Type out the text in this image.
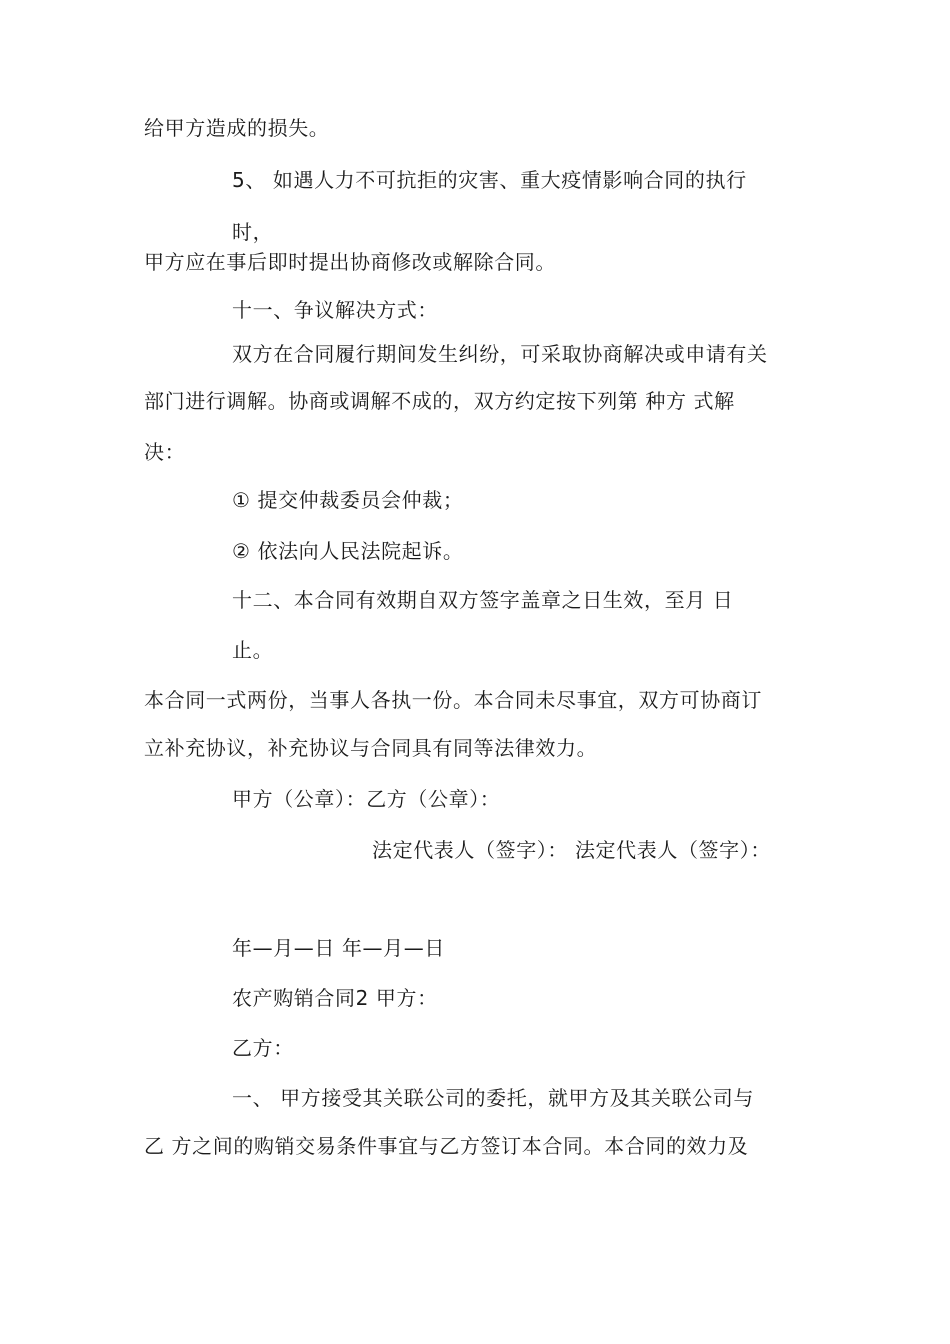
给甲方造成的损失。
5、 如遇人力不可抗拒的灾害、重大疫情影响合同的执行
时，
甲方应在事后即时提出协商修改或解除合同。
十一、争议解决方式：
双方在合同履行期间发生纠纷，可采取协商解决或申请有关
部门进行调解。协商或调解不成的，双方约定按下列第 种方 式解
决：
① 提交仲裁委员会仲裁；
② 依法向人民法院起诉。
十二、本合同有效期自双方签字盖章之日生效，至月 日
止。
本合同一式两份，当事人各执一份。本合同未尽事宜，双方可协商订
立补充协议，补充协议与合同具有同等法律效力。
甲方（公章）：乙方（公章）：
法定代表人（签字）： 法定代表人（签字）：
年—月—日 年—月—日
农产购销合同2 甲方：
乙方：
一、 甲方接受其关联公司的委托，就甲方及其关联公司与
乙 方之间的购销交易条件事宜与乙方签订本合同。本合同的效力及
